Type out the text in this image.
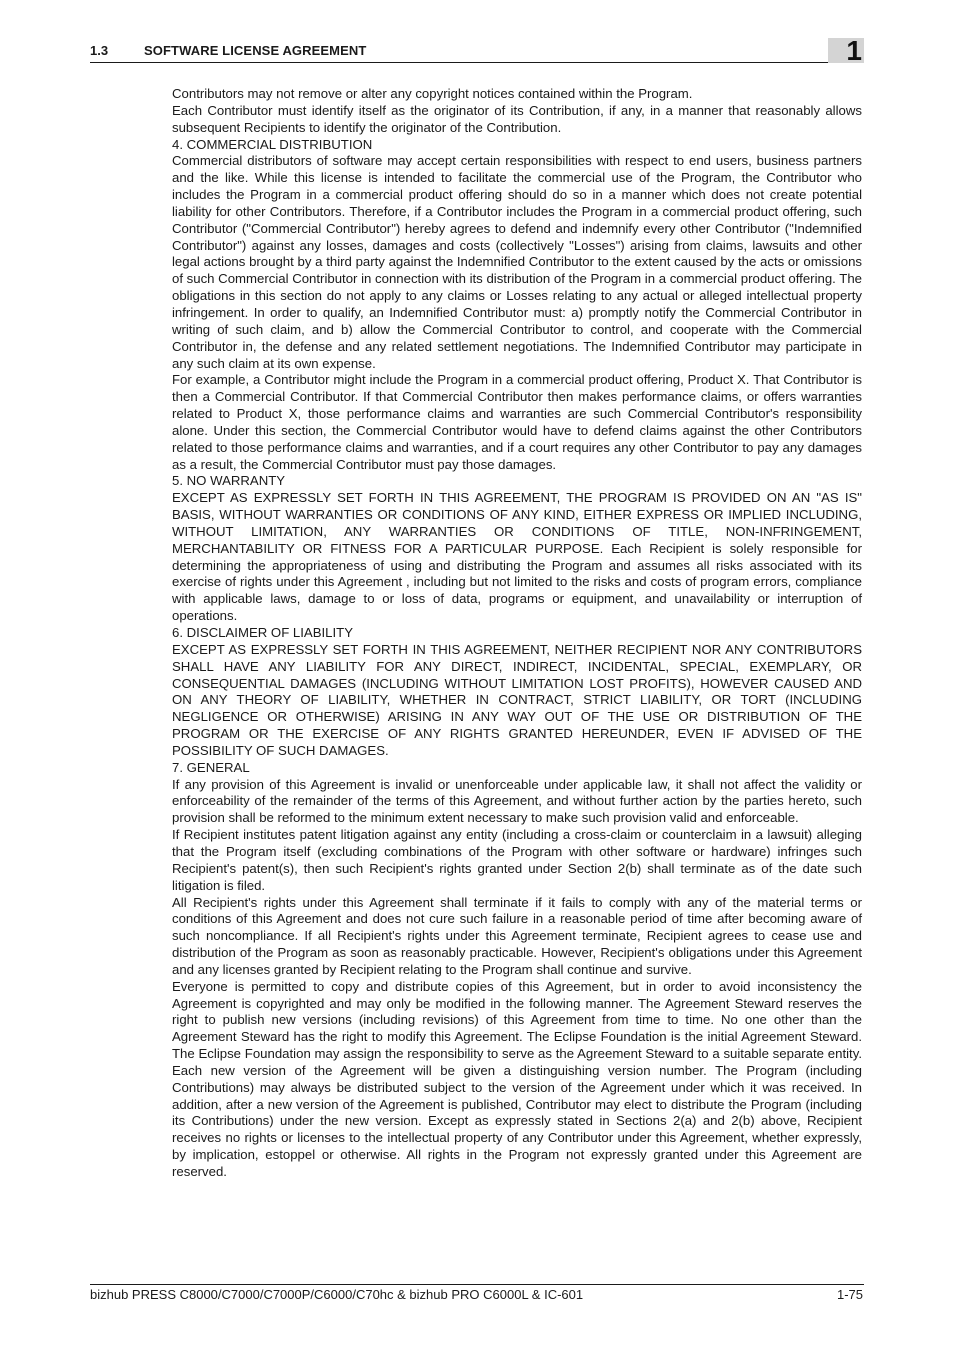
1.3	SOFTWARE LICENSE AGREEMENT	1

Contributors may not remove or alter any copyright notices contained within the Program.

Each Contributor must identify itself as the originator of its Contribution, if any, in a manner that reasonably allows subsequent Recipients to identify the originator of the Contribution.

4. COMMERCIAL DISTRIBUTION

Commercial distributors of software may accept certain responsibilities with respect to end users, business partners and the like. While this license is intended to facilitate the commercial use of the Program, the Contributor who includes the Program in a commercial product offering should do so in a manner which does not create potential liability for other Contributors. Therefore, if a Contributor includes the Program in a commercial product offering, such Contributor ("Commercial Contributor") hereby agrees to defend and indemnify every other Contributor ("Indemnified Contributor") against any losses, damages and costs (collectively "Losses") arising from claims, lawsuits and other legal actions brought by a third party against the Indemnified Contributor to the extent caused by the acts or omissions of such Commercial Contributor in connection with its distribution of the Program in a commercial product offering. The obligations in this section do not apply to any claims or Losses relating to any actual or alleged intellectual property infringement. In order to qualify, an Indemnified Contributor must: a) promptly notify the Commercial Contributor in writing of such claim, and b) allow the Commercial Contributor to control, and cooperate with the Commercial Contributor in, the defense and any related settlement negotiations. The Indemnified Contributor may participate in any such claim at its own expense.

For example, a Contributor might include the Program in a commercial product offering, Product X. That Contributor is then a Commercial Contributor. If that Commercial Contributor then makes performance claims, or offers warranties related to Product X, those performance claims and warranties are such Commercial Contributor's responsibility alone. Under this section, the Commercial Contributor would have to defend claims against the other Contributors related to those performance claims and warranties, and if a court requires any other Contributor to pay any damages as a result, the Commercial Contributor must pay those damages.

5. NO WARRANTY

EXCEPT AS EXPRESSLY SET FORTH IN THIS AGREEMENT, THE PROGRAM IS PROVIDED ON AN "AS IS" BASIS, WITHOUT WARRANTIES OR CONDITIONS OF ANY KIND, EITHER EXPRESS OR IMPLIED INCLUDING, WITHOUT LIMITATION, ANY WARRANTIES OR CONDITIONS OF TITLE, NON-INFRINGEMENT, MERCHANTABILITY OR FITNESS FOR A PARTICULAR PURPOSE. Each Recipient is solely responsible for determining the appropriateness of using and distributing the Program and assumes all risks associated with its exercise of rights under this Agreement , including but not limited to the risks and costs of program errors, compliance with applicable laws, damage to or loss of data, programs or equipment, and unavailability or interruption of operations.

6. DISCLAIMER OF LIABILITY

EXCEPT AS EXPRESSLY SET FORTH IN THIS AGREEMENT, NEITHER RECIPIENT NOR ANY CONTRIBUTORS SHALL HAVE ANY LIABILITY FOR ANY DIRECT, INDIRECT, INCIDENTAL, SPECIAL, EXEMPLARY, OR CONSEQUENTIAL DAMAGES (INCLUDING WITHOUT LIMITATION LOST PROFITS), HOWEVER CAUSED AND ON ANY THEORY OF LIABILITY, WHETHER IN CONTRACT, STRICT LIABILITY, OR TORT (INCLUDING NEGLIGENCE OR OTHERWISE) ARISING IN ANY WAY OUT OF THE USE OR DISTRIBUTION OF THE PROGRAM OR THE EXERCISE OF ANY RIGHTS GRANTED HEREUNDER, EVEN IF ADVISED OF THE POSSIBILITY OF SUCH DAMAGES.

7. GENERAL

If any provision of this Agreement is invalid or unenforceable under applicable law, it shall not affect the validity or enforceability of the remainder of the terms of this Agreement, and without further action by the parties hereto, such provision shall be reformed to the minimum extent necessary to make such provision valid and enforceable.

If Recipient institutes patent litigation against any entity (including a cross-claim or counterclaim in a lawsuit) alleging that the Program itself (excluding combinations of the Program with other software or hardware) infringes such Recipient's patent(s), then such Recipient's rights granted under Section 2(b) shall terminate as of the date such litigation is filed.

All Recipient's rights under this Agreement shall terminate if it fails to comply with any of the material terms or conditions of this Agreement and does not cure such failure in a reasonable period of time after becoming aware of such noncompliance. If all Recipient's rights under this Agreement terminate, Recipient agrees to cease use and distribution of the Program as soon as reasonably practicable. However, Recipient's obligations under this Agreement and any licenses granted by Recipient relating to the Program shall continue and survive.

Everyone is permitted to copy and distribute copies of this Agreement, but in order to avoid inconsistency the Agreement is copyrighted and may only be modified in the following manner. The Agreement Steward reserves the right to publish new versions (including revisions) of this Agreement from time to time. No one other than the Agreement Steward has the right to modify this Agreement. The Eclipse Foundation is the initial Agreement Steward. The Eclipse Foundation may assign the responsibility to serve as the Agreement Steward to a suitable separate entity. Each new version of the Agreement will be given a distinguishing version number. The Program (including Contributions) may always be distributed subject to the version of the Agreement under which it was received. In addition, after a new version of the Agreement is published, Contributor may elect to distribute the Program (including its Contributions) under the new version. Except as expressly stated in Sections 2(a) and 2(b) above, Recipient receives no rights or licenses to the intellectual property of any Contributor under this Agreement, whether expressly, by implication, estoppel or otherwise. All rights in the Program not expressly granted under this Agreement are reserved.

bizhub PRESS C8000/C7000/C7000P/C6000/C70hc & bizhub PRO C6000L & IC-601	1-75
